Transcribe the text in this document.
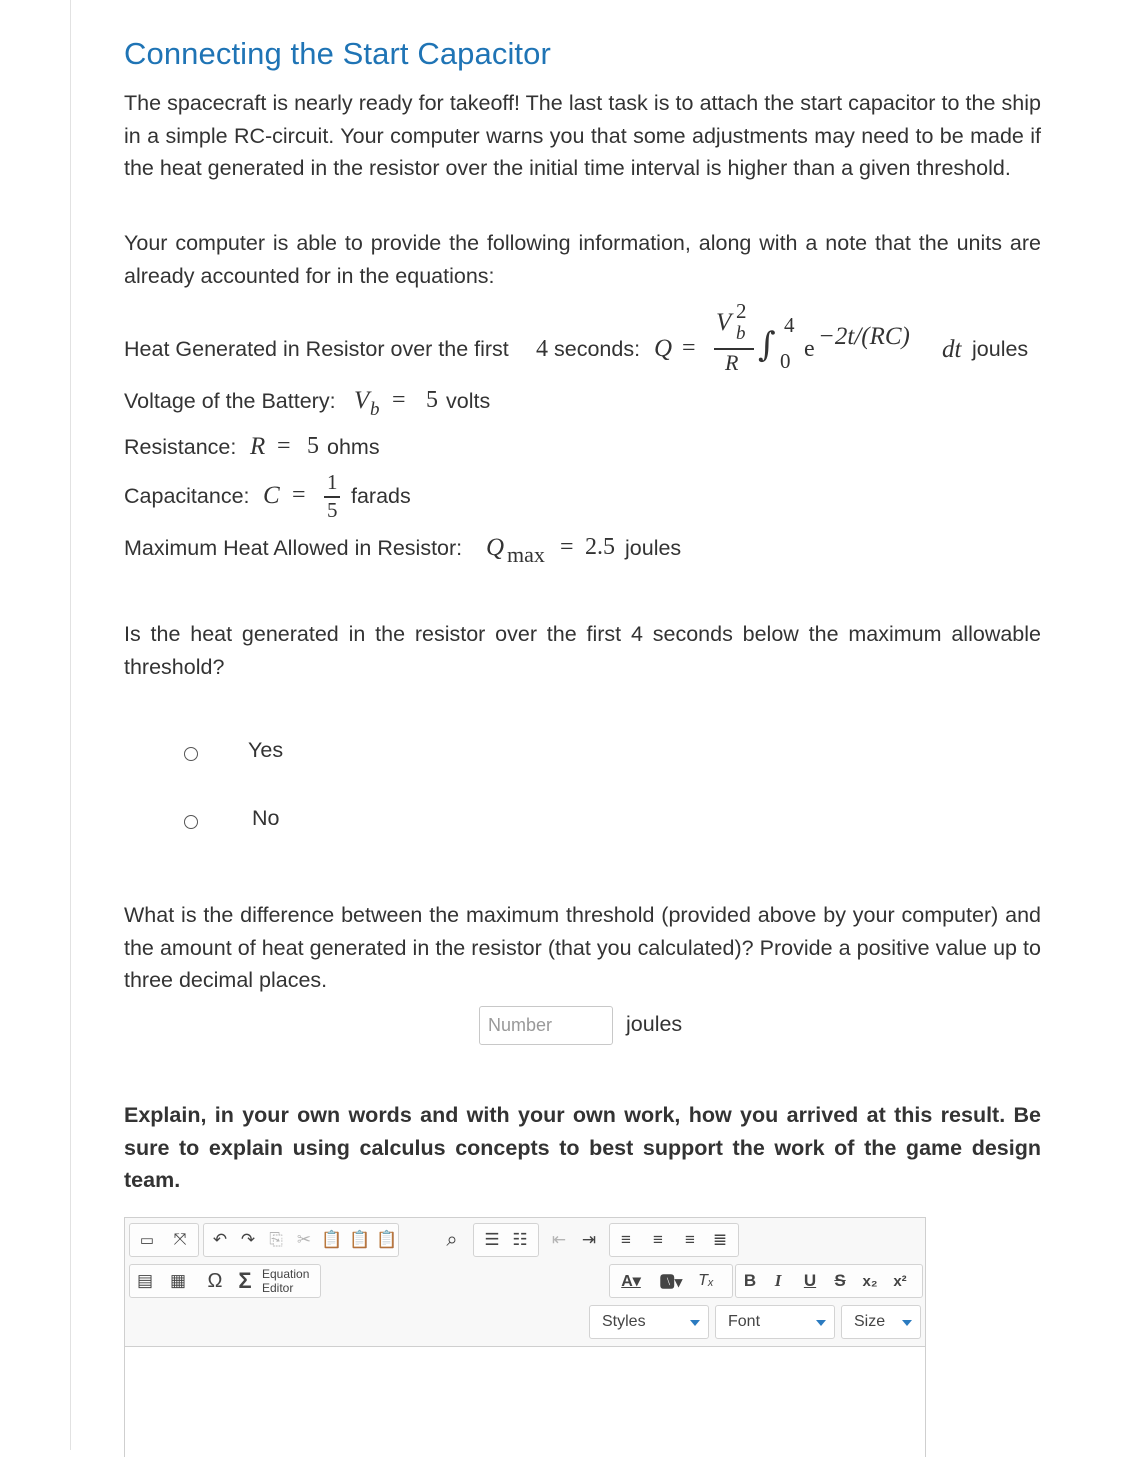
Connecting the Start Capacitor

The spacecraft is nearly ready for takeoff! The last task is to attach the start capacitor to the ship in a simple RC-circuit. Your computer warns you that some adjustments may need to be made if the heat generated in the resistor over the initial time interval is higher than a given threshold.

Your computer is able to provide the following information, along with a note that the units are already accounted for in the equations:

Heat Generated in Resistor over the first 4 seconds: Q =
V 2
b
R ∫ 4
0 e −2t/(RC) dt joules
Voltage of the Battery: V b = 5 volts
Resistance: R = 5 ohms
Capacitance: C = 1
5
farads
Maximum Heat Allowed in Resistor: Q max = 2.5 joules

Is the heat generated in the resistor over the first 4 seconds below the maximum allowable threshold?

Yes
No

What is the difference between the maximum threshold (provided above by your computer) and the amount of heat generated in the resistor (that you calculated)? Provide a positive value up to three decimal places.

Number
joules

Explain, in your own words and with your own work, how you arrived at this result. Be sure to explain using calculus concepts to best support the work of the game design team.

▭	⤧	↶ ↷ ⎘ ✂ 📋 📋 📋	⌕	☰ ☷ ⇤ ⇥	≡	≡	≡	≣
▤ ▦ Ω Σ Equation
Editor	A▾	🅰▾ Tₓ	B	I	U	S	x₂	x²
Styles	Font	Size
